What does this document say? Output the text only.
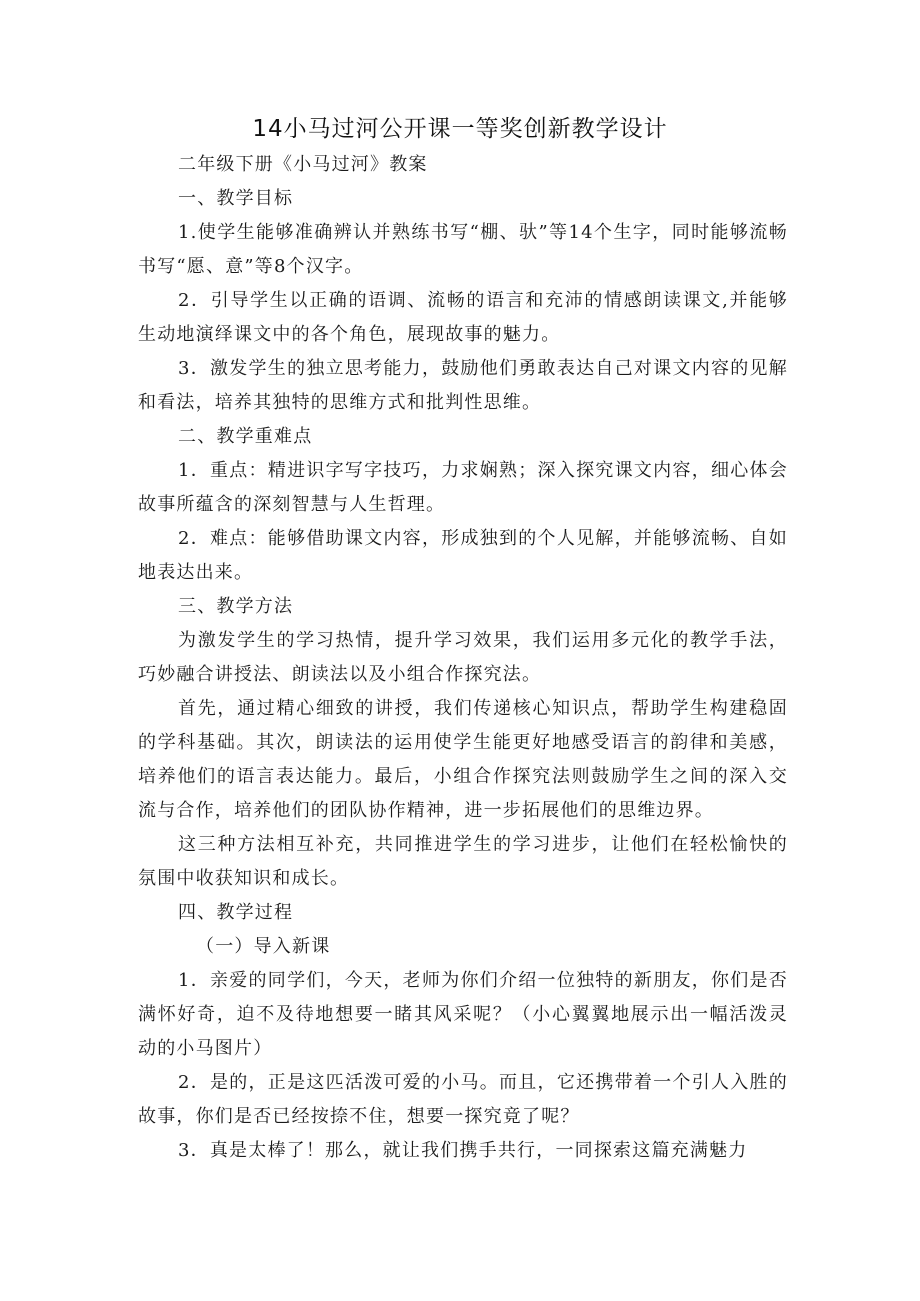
14小马过河公开课一等奖创新教学设计

二年级下册《小马过河》教案

一、教学目标

1.使学生能够准确辨认并熟练书写“棚、驮”等14个生字，同时能够流畅书写“愿、意”等8个汉字。

2．引导学生以正确的语调、流畅的语言和充沛的情感朗读课文,并能够生动地演绎课文中的各个角色，展现故事的魅力。

3．激发学生的独立思考能力，鼓励他们勇敢表达自己对课文内容的见解和看法，培养其独特的思维方式和批判性思维。

二、教学重难点

1．重点：精进识字写字技巧，力求娴熟；深入探究课文内容，细心体会故事所蕴含的深刻智慧与人生哲理。

2．难点：能够借助课文内容，形成独到的个人见解，并能够流畅、自如地表达出来。

三、教学方法

为激发学生的学习热情，提升学习效果，我们运用多元化的教学手法，巧妙融合讲授法、朗读法以及小组合作探究法。

首先，通过精心细致的讲授，我们传递核心知识点，帮助学生构建稳固的学科基础。其次，朗读法的运用使学生能更好地感受语言的韵律和美感，培养他们的语言表达能力。最后，小组合作探究法则鼓励学生之间的深入交流与合作，培养他们的团队协作精神，进一步拓展他们的思维边界。

这三种方法相互补充，共同推进学生的学习进步，让他们在轻松愉快的氛围中收获知识和成长。

四、教学过程

（一）导入新课

1．亲爱的同学们，今天，老师为你们介绍一位独特的新朋友，你们是否满怀好奇，迫不及待地想要一睹其风采呢？（小心翼翼地展示出一幅活泼灵动的小马图片）

2．是的，正是这匹活泼可爱的小马。而且，它还携带着一个引人入胜的故事，你们是否已经按捺不住，想要一探究竟了呢？

3．真是太棒了！那么，就让我们携手共行，一同探索这篇充满魅力
